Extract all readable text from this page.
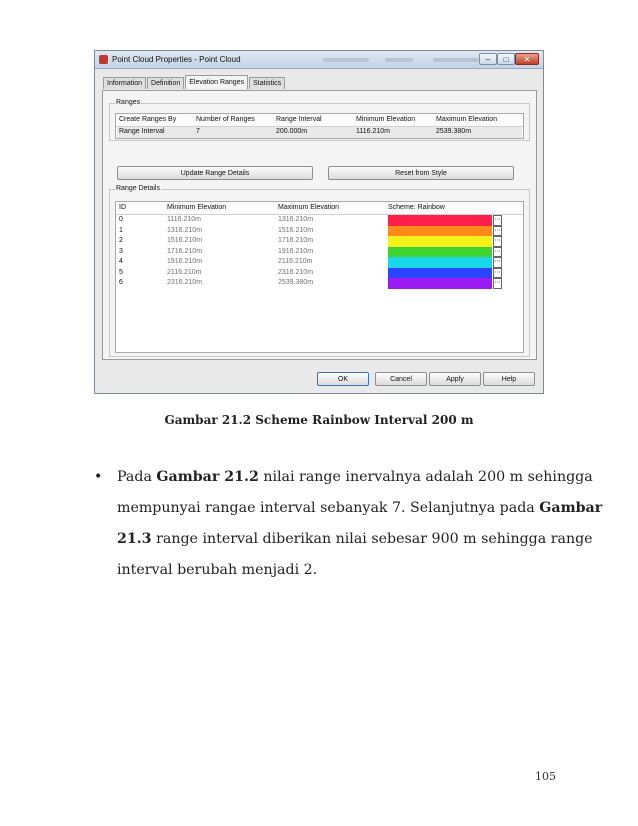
Point Cloud Properties - Point Cloud	–	□	✕
Information	Definition	Elevation Ranges	Statistics
Ranges
Create Ranges By	Number of Ranges	Range Interval	Minimum Elevation	Maximum Elevation
Range Interval	7	200.000m	1116.210m	2539.380m
Update Range Details	Reset from Style
Range Details
ID	Minimum Elevation	Maximum Elevation	Scheme: Rainbow
0	1116.210m	1316.210m	⋯
1	1316.210m	1516.210m	⋯
2	1516.210m	1716.210m	⋯
3	1716.210m	1916.210m	⋯
4	1916.210m	2116.210m	⋯
5	2116.210m	2316.210m	⋯
6	2316.210m	2539.380m	⋯
OK	Cancel	Apply	Help
Gambar 21.2 Scheme Rainbow Interval 200 m
• Pada Gambar 21.2 nilai range inervalnya adalah 200 m sehingga
mempunyai rangae interval sebanyak 7. Selanjutnya pada Gambar
21.3 range interval diberikan nilai sebesar 900 m sehingga range
interval berubah menjadi 2.
105
